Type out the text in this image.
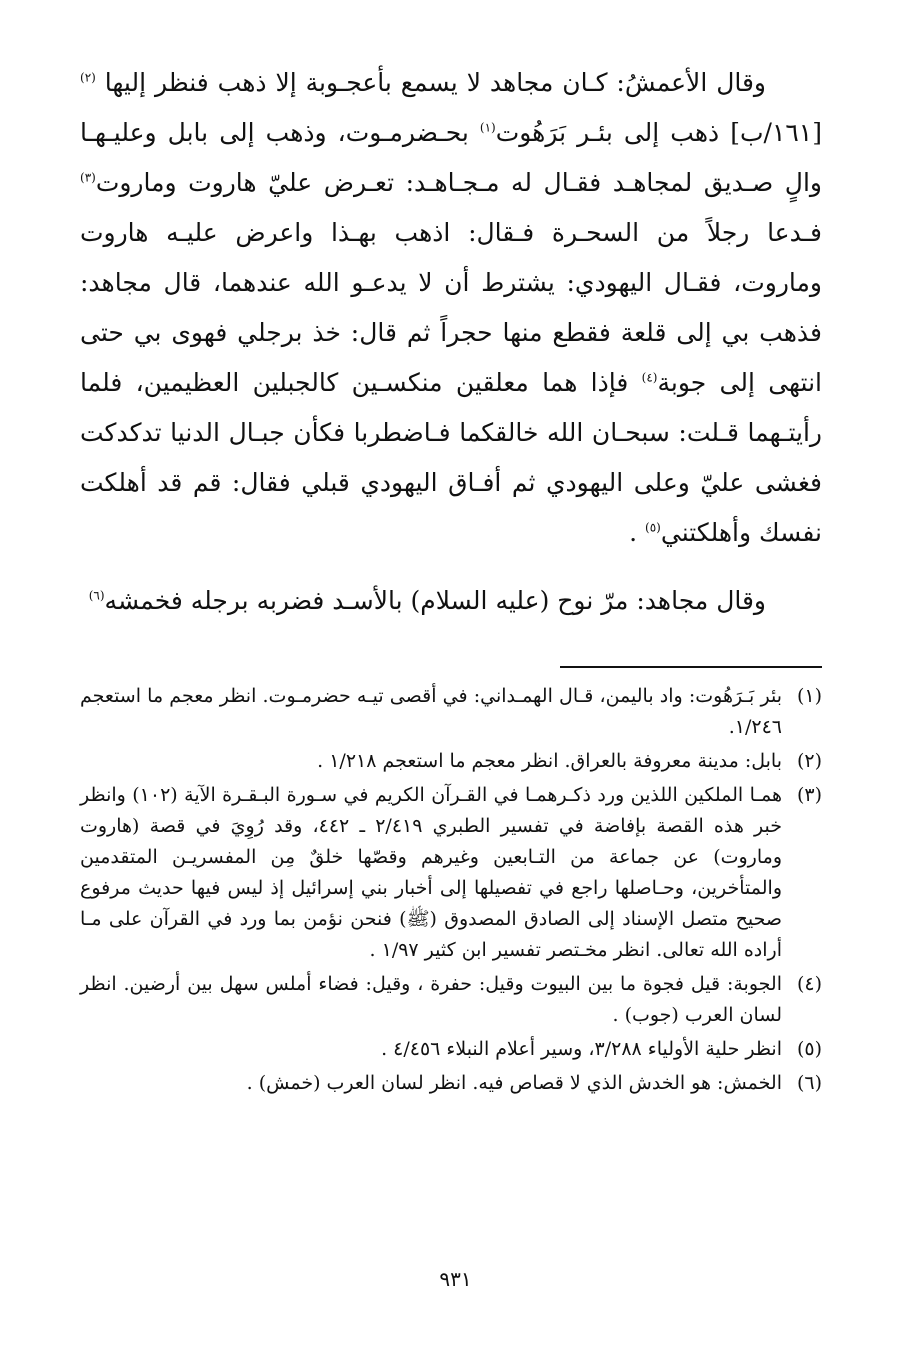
وقال الأعمشُ: كـان مجاهد لا يسمع بأعجـوبة إلا ذهب فنظر إليها $^{(٢)}$ [١٦١/ب] ذهب إلى بئـر بَرَهُوت$^{(١)}$ بحـضرمـوت، وذهب إلى بابل وعليـهـا والٍ صـديق لمجاهـد فقـال له مـجـاهـد: تعـرض عليّ هاروت وماروت$^{(٣)}$ فـدعا رجلاً من السحـرة فـقال: اذهب بهـذا واعرض عليـه هاروت وماروت، فقـال اليهودي: يشترط أن لا يدعـو الله عندهما، قال مجاهد: فذهب بي إلى قلعة فقطع منها حجراً ثم قال: خذ برجلي فهوى بي حتى انتهى إلى جوبة$^{(٤)}$ فإذا هما معلقين منكسـين كالجبلين العظيمين، فلما رأيتـهما قـلت: سبحـان الله خالقكما فـاضطربا فكأن جبـال الدنيا تدكدكت فغشى عليّ وعلى اليهودي ثم أفـاق اليهودي قبلي فقال: قم قد أهلكت نفسك وأهلكتني$^{(٥)}$ .

وقال مجاهد: مرّ نوح (عليه السلام) بالأسـد فضربه برجله فخمشه$^{(٦)}$

(١)
بئر بَـرَهُوت: واد باليمن، قـال الهمـداني: في أقصى تيـه حضرمـوت. انظر معجم ما استعجم ١/٢٤٦.
(٢)
بابل: مدينة معروفة بالعراق. انظر معجم ما استعجم ١/٢١٨ .
(٣)
همـا الملكين اللذين ورد ذكـرهمـا في القـرآن الكريم في سـورة البـقـرة الآية (١٠٢) وانظر خبر هذه القصة بإفاضة في تفسير الطبري ٢/٤١٩ ـ ٤٤٢، وقد رُوِيَ في قصة (هاروت وماروت) عن جماعة من التـابعين وغيرهم وقصّها خلقٌ مِن المفسريـن المتقدمين والمتأخرين، وحـاصلها راجع في تفصيلها إلى أخبار بني إسرائيل إذ ليس فيها حديث مرفوع صحيح متصل الإسناد إلى الصادق المصدوق (ﷺ) فنحن نؤمن بما ورد في القرآن على مـا أراده الله تعالى. انظر مخـتصر تفسير ابن كثير ١/٩٧ .
(٤)
الجوبة: قيل فجوة ما بين البيوت وقيل: حفرة ، وقيل: فضاء أملس سهل بين أرضين. انظر لسان العرب (جوب) .
(٥)
انظر حلية الأولياء ٣/٢٨٨، وسير أعلام النبلاء ٤/٤٥٦ .
(٦)
الخمش: هو الخدش الذي لا قصاص فيه. انظر لسان العرب (خمش) .
٩٣١
